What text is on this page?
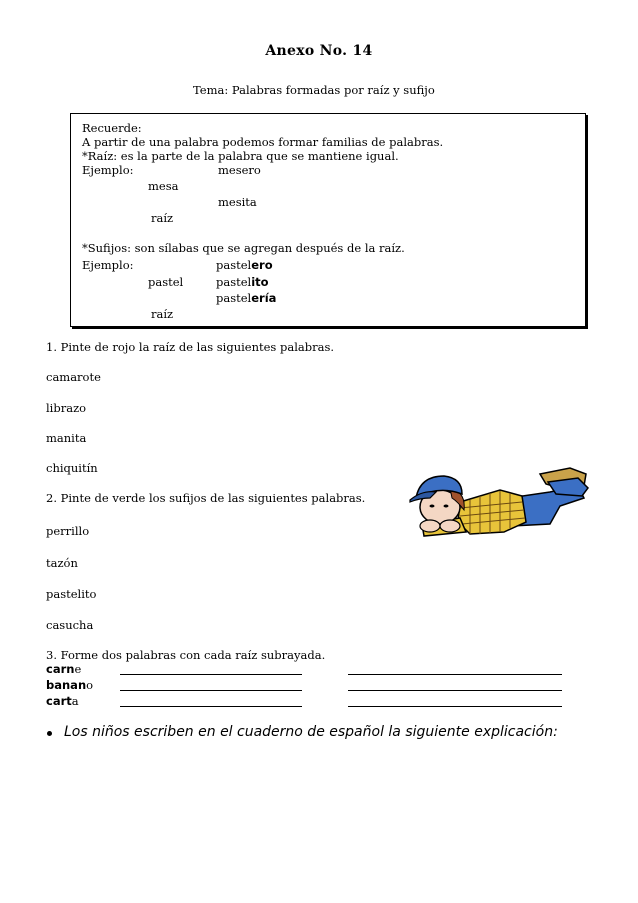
Anexo No. 14
Tema: Palabras formadas por raíz y sufijo
Recuerde:
A partir de una palabra podemos formar familias de palabras.
*Raíz: es la parte de la palabra que se mantiene igual.
Ejemplo:	mesero
mesa
mesita
raíz
*Sufijos: son sílabas que se agregan después de la raíz.
Ejemplo:	pastelero
pastel	pastelito
pastelería
raíz
1. Pinte de rojo la raíz de las siguientes palabras.
camarote
librazo
manita
chiquitín
2. Pinte de verde los sufijos de las siguientes palabras.
perrillo
tazón
pastelito
casucha
3. Forme dos palabras con cada raíz subrayada.
carne
banano
carta
Los niños escriben en el cuaderno de español la siguiente explicación:
